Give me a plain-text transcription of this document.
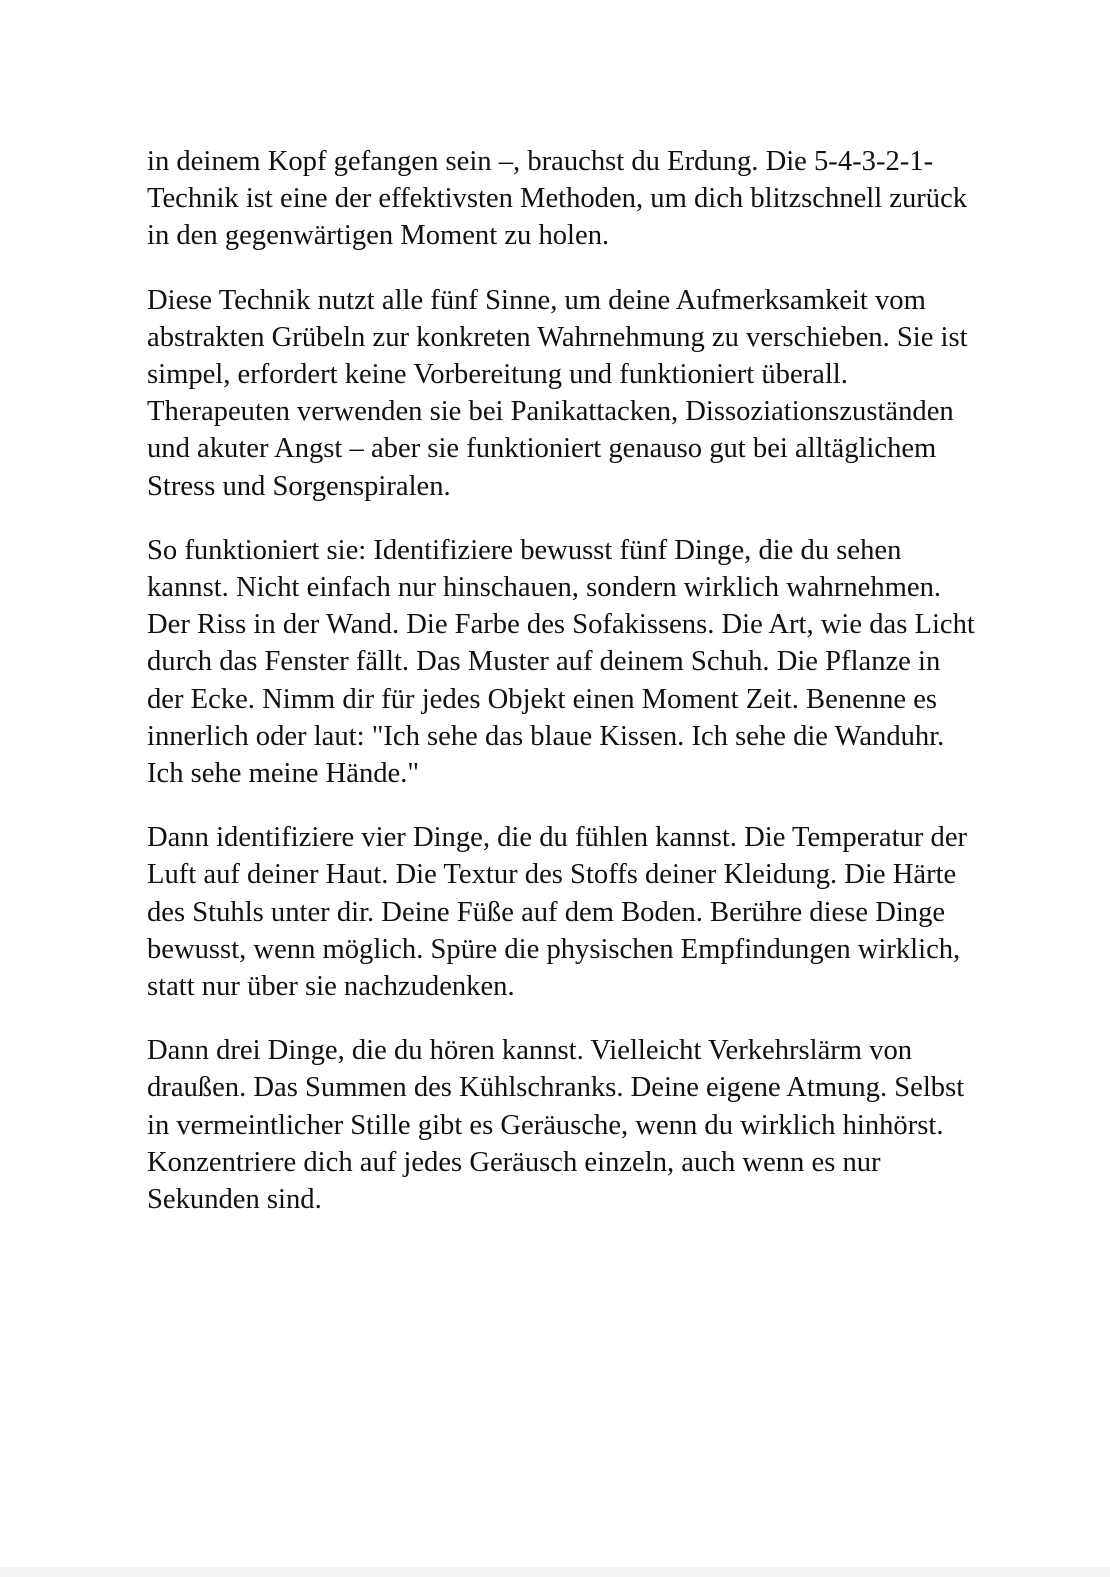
in deinem Kopf gefangen sein –, brauchst du Erdung. Die 5-4-3-2-1-Technik ist eine der effektivsten Methoden, um dich blitzschnell zurück in den gegenwärtigen Moment zu holen.

Diese Technik nutzt alle fünf Sinne, um deine Aufmerksamkeit vom abstrakten Grübeln zur konkreten Wahrnehmung zu verschieben. Sie ist simpel, erfordert keine Vorbereitung und funktioniert überall. Therapeuten verwenden sie bei Panikattacken, Dissoziationszuständen und akuter Angst – aber sie funktioniert genauso gut bei alltäglichem Stress und Sorgenspiralen.

So funktioniert sie: Identifiziere bewusst fünf Dinge, die du sehen kannst. Nicht einfach nur hinschauen, sondern wirklich wahrnehmen. Der Riss in der Wand. Die Farbe des Sofakissens. Die Art, wie das Licht durch das Fenster fällt. Das Muster auf deinem Schuh. Die Pflanze in der Ecke. Nimm dir für jedes Objekt einen Moment Zeit. Benenne es innerlich oder laut: "Ich sehe das blaue Kissen. Ich sehe die Wanduhr. Ich sehe meine Hände."

Dann identifiziere vier Dinge, die du fühlen kannst. Die Temperatur der Luft auf deiner Haut. Die Textur des Stoffs deiner Kleidung. Die Härte des Stuhls unter dir. Deine Füße auf dem Boden. Berühre diese Dinge bewusst, wenn möglich. Spüre die physischen Empfindungen wirklich, statt nur über sie nachzudenken.

Dann drei Dinge, die du hören kannst. Vielleicht Verkehrslärm von draußen. Das Summen des Kühlschranks. Deine eigene Atmung. Selbst in vermeintlicher Stille gibt es Geräusche, wenn du wirklich hinhörst. Konzentriere dich auf jedes Geräusch einzeln, auch wenn es nur Sekunden sind.
